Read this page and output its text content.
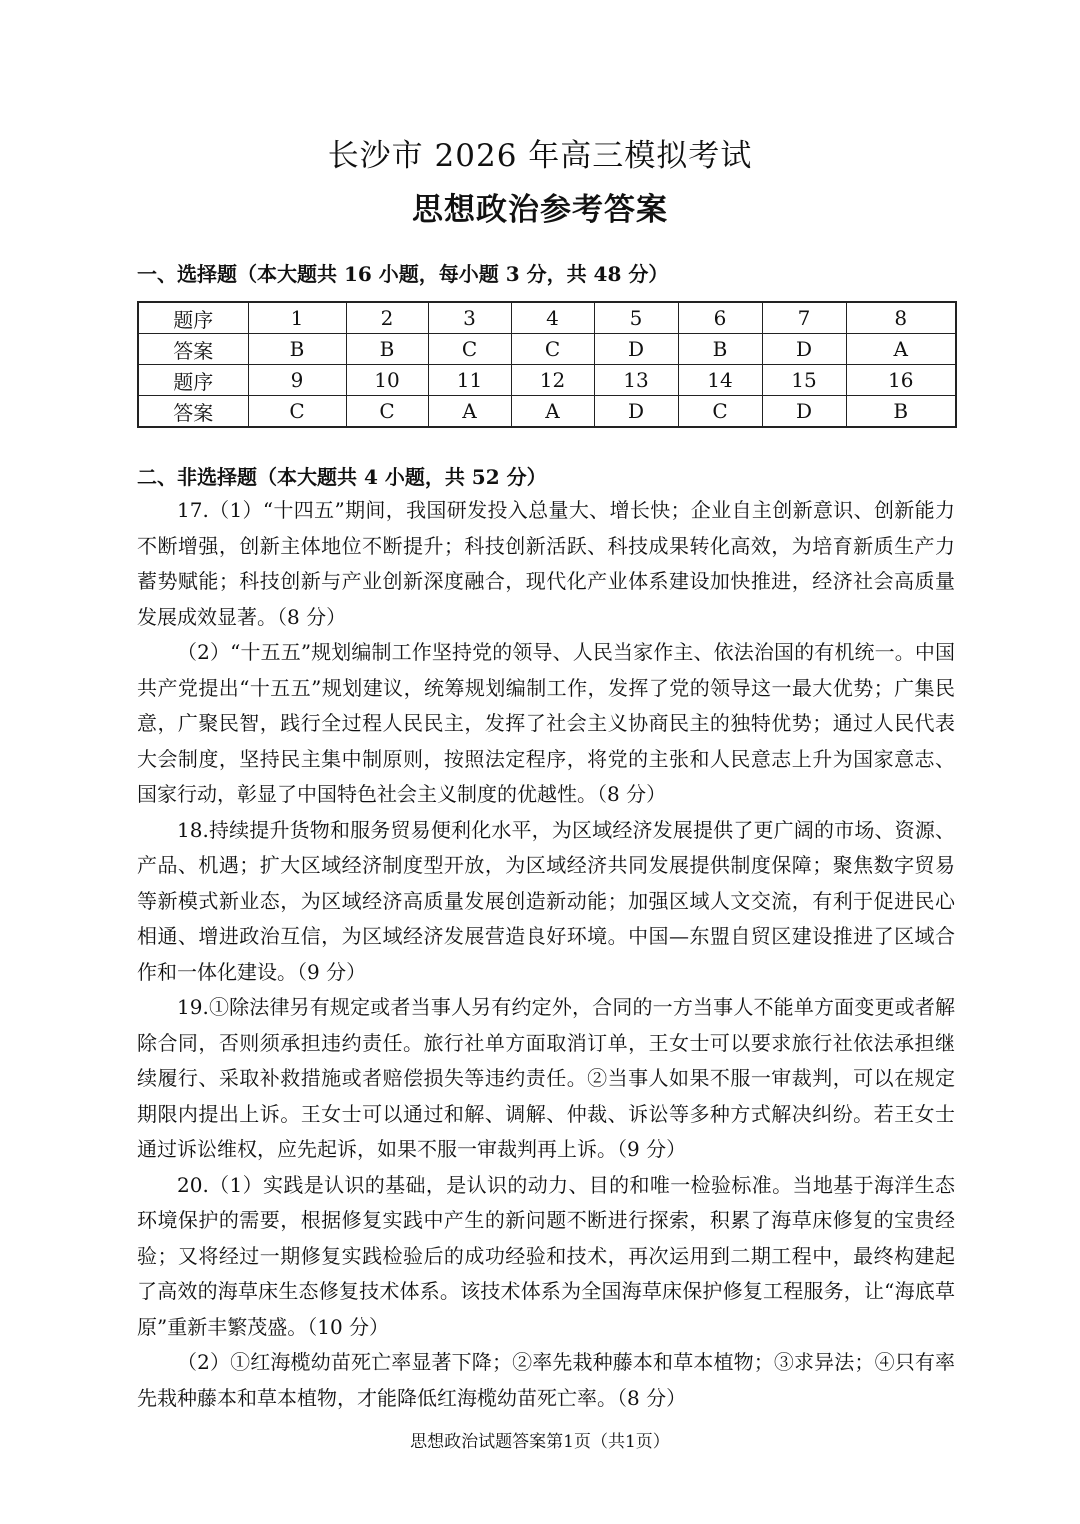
长沙市 2026 年高三模拟考试
思想政治参考答案
一、选择题（本大题共 16 小题，每小题 3 分，共 48 分）
题序	1	2	3	4	5	6	7	8
答案	B	B	C	C	D	B	D	A
题序	9	10	11	12	13	14	15	16
答案	C	C	A	A	D	C	D	B
二、非选择题（本大题共 4 小题，共 52 分）

17.（1）“十四五”期间，我国研发投入总量大、增长快；企业自主创新意识、创新能力不断增强，创新主体地位不断提升；科技创新活跃、科技成果转化高效，为培育新质生产力蓄势赋能；科技创新与产业创新深度融合，现代化产业体系建设加快推进，经济社会高质量发展成效显著。（8 分）

（2）“十五五”规划编制工作坚持党的领导、人民当家作主、依法治国的有机统一。中国共产党提出“十五五”规划建议，统筹规划编制工作，发挥了党的领导这一最大优势；广集民意，广聚民智，践行全过程人民民主，发挥了社会主义协商民主的独特优势；通过人民代表大会制度，坚持民主集中制原则，按照法定程序，将党的主张和人民意志上升为国家意志、国家行动，彰显了中国特色社会主义制度的优越性。（8 分）

18.持续提升货物和服务贸易便利化水平，为区域经济发展提供了更广阔的市场、资源、产品、机遇；扩大区域经济制度型开放，为区域经济共同发展提供制度保障；聚焦数字贸易等新模式新业态，为区域经济高质量发展创造新动能；加强区域人文交流，有利于促进民心相通、增进政治互信，为区域经济发展营造良好环境。中国—东盟自贸区建设推进了区域合作和一体化建设。（9 分）

19.①除法律另有规定或者当事人另有约定外，合同的一方当事人不能单方面变更或者解除合同，否则须承担违约责任。旅行社单方面取消订单，王女士可以要求旅行社依法承担继续履行、采取补救措施或者赔偿损失等违约责任。②当事人如果不服一审裁判，可以在规定期限内提出上诉。王女士可以通过和解、调解、仲裁、诉讼等多种方式解决纠纷。若王女士通过诉讼维权，应先起诉，如果不服一审裁判再上诉。（9 分）

20.（1）实践是认识的基础，是认识的动力、目的和唯一检验标准。当地基于海洋生态环境保护的需要，根据修复实践中产生的新问题不断进行探索，积累了海草床修复的宝贵经验；又将经过一期修复实践检验后的成功经验和技术，再次运用到二期工程中，最终构建起了高效的海草床生态修复技术体系。该技术体系为全国海草床保护修复工程服务，让“海底草原”重新丰繁茂盛。（10 分）

（2）①红海榄幼苗死亡率显著下降；②率先栽种藤本和草本植物；③求异法；④只有率先栽种藤本和草本植物，才能降低红海榄幼苗死亡率。（8 分）

思想政治试题答案第1页（共1页）
